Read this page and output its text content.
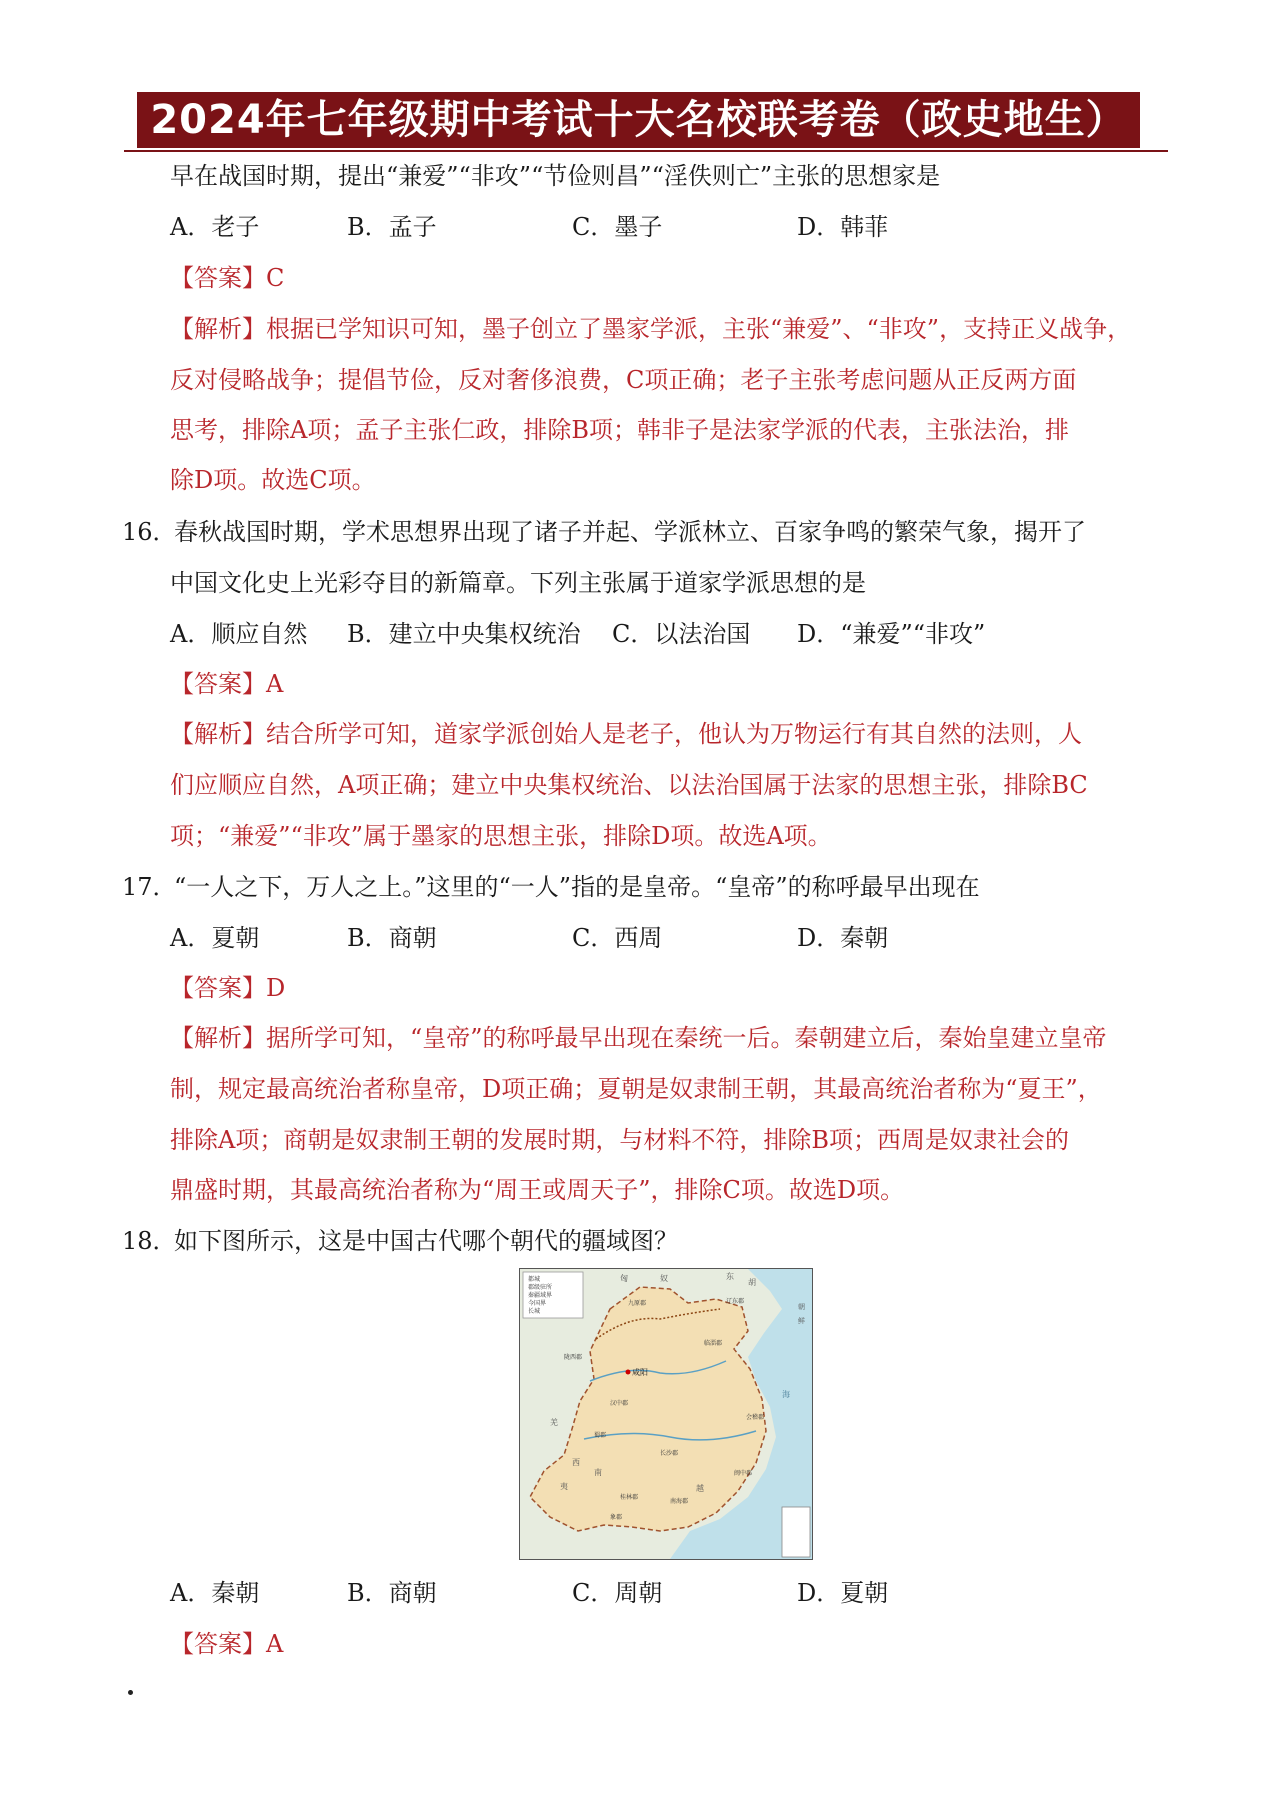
2024年七年级期中考试十大名校联考卷（政史地生）
早在战国时期，提出“兼爱”“非攻”“节俭则昌”“淫佚则亡”主张的思想家是
A．老子	B．孟子	C．墨子	D．韩菲
【答案】C
【解析】根据已学知识可知，墨子创立了墨家学派，主张“兼爱”、“非攻”，支持正义战争，
反对侵略战争；提倡节俭，反对奢侈浪费，C项正确；老子主张考虑问题从正反两方面
思考，排除A项；孟子主张仁政，排除B项；韩非子是法家学派的代表，主张法治，排
除D项。故选C项。
16．
春秋战国时期，学术思想界出现了诸子并起、学派林立、百家争鸣的繁荣气象，揭开了
中国文化史上光彩夺目的新篇章。下列主张属于道家学派思想的是
A．顺应自然 B．建立中央集权统治 C．以法治国 D．“兼爱”“非攻”
【答案】A
【解析】结合所学可知，道家学派创始人是老子，他认为万物运行有其自然的法则，人
们应顺应自然，A项正确；建立中央集权统治、以法治国属于法家的思想主张，排除BC
项；“兼爱”“非攻”属于墨家的思想主张，排除D项。故选A项。
17．
“一人之下，万人之上。”这里的“一人”指的是皇帝。“皇帝”的称呼最早出现在
A．夏朝	B．商朝	C．西周	D．秦朝
【答案】D
【解析】据所学可知，“皇帝”的称呼最早出现在秦统一后。秦朝建立后，秦始皇建立皇帝
制，规定最高统治者称皇帝，D项正确；夏朝是奴隶制王朝，其最高统治者称为“夏王”，
排除A项；商朝是奴隶制王朝的发展时期，与材料不符，排除B项；西周是奴隶社会的
鼎盛时期，其最高统治者称为“周王或周天子”，排除C项。故选D项。
18．
如下图所示，这是中国古代哪个朝代的疆域图？
都城
郡级驻所
秦疆域界
今国界
长城
匈	奴	东
胡
九原郡	辽东郡
朝
鲜
陇西郡
咸阳
临淄郡
汉中郡
蜀郡
会稽郡
长沙郡
闽中郡
桂林郡
南海郡
象郡
羌
西
南
夷	越
海
A．秦朝	B．商朝	C．周朝	D．夏朝
【答案】A
